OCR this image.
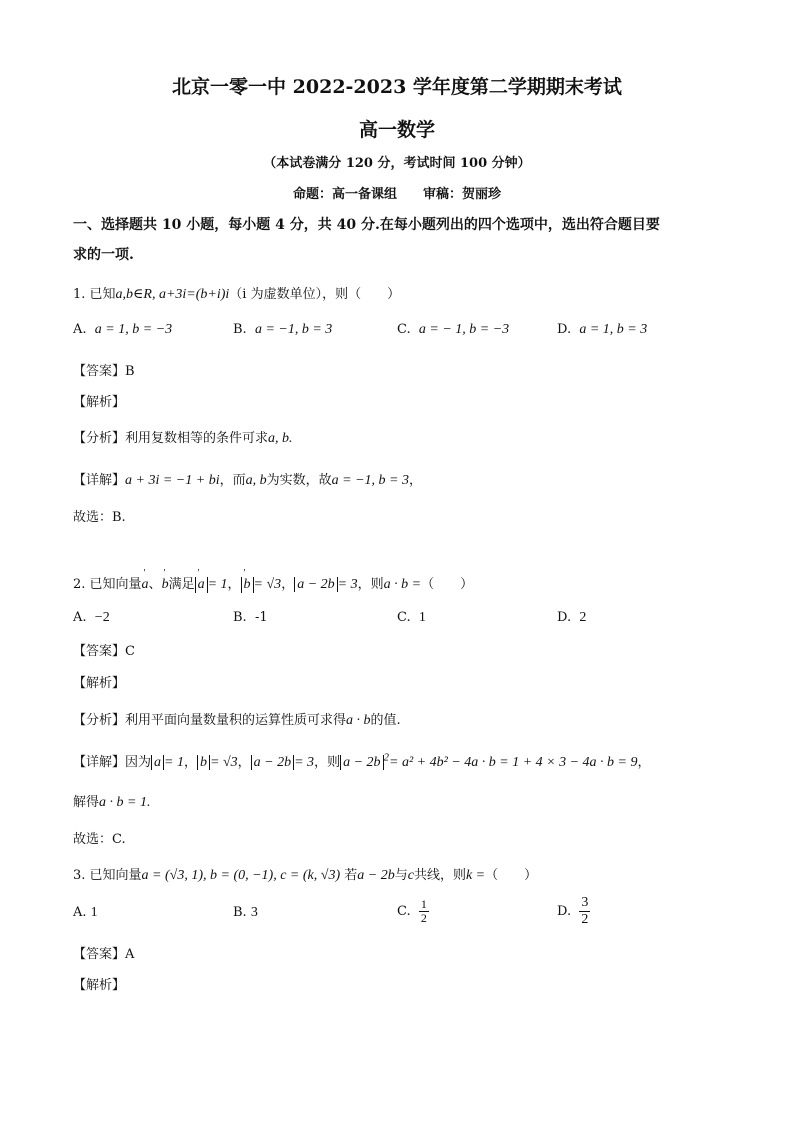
北京一零一中 2022-2023 学年度第二学期期末考试
高一数学
（本试卷满分 120 分，考试时间 100 分钟）
命题：高一备课组　　审稿：贺丽珍
一、选择题共 10 小题，每小题 4 分，共 40 分.在每小题列出的四个选项中，选出符合题目要
求的一项.
1. 已知a,b∈R, a+3i=(b+i)i（i 为虚数单位），则（　　）
A. a = 1, b = −3	B. a = −1, b = 3	C. a = − 1, b = −3	D. a = 1, b = 3
【答案】B
【解析】
【分析】利用复数相等的条件可求a, b.
【详解】a + 3i = −1 + bi，而a, b为实数，故a = −1, b = 3，
故选：B.
2. 已知向量' a、' b满足 ' a = 1， ' b = √3， a − 2b = 3，则a · b =（　　）
A. −2	B. -1	C. 1	D. 2
【答案】C
【解析】
【分析】利用平面向量数量积的运算性质可求得a · b的值.
【详解】因为 a = 1， b = √3， a − 2b = 3，则 a − 2b $^2$= a² + 4b² − 4a · b = 1 + 4 × 3 − 4a · b = 9，
解得a · b = 1.
故选：C.
3. 已知向量a = (√3, 1), b = (0, −1), c = (k, √3) 若a − 2b与c共线，则k =（　　）
A. 1	B. 3	C. $\frac{1}{2}$	D. $\frac{3}{2}$
【答案】A
【解析】
